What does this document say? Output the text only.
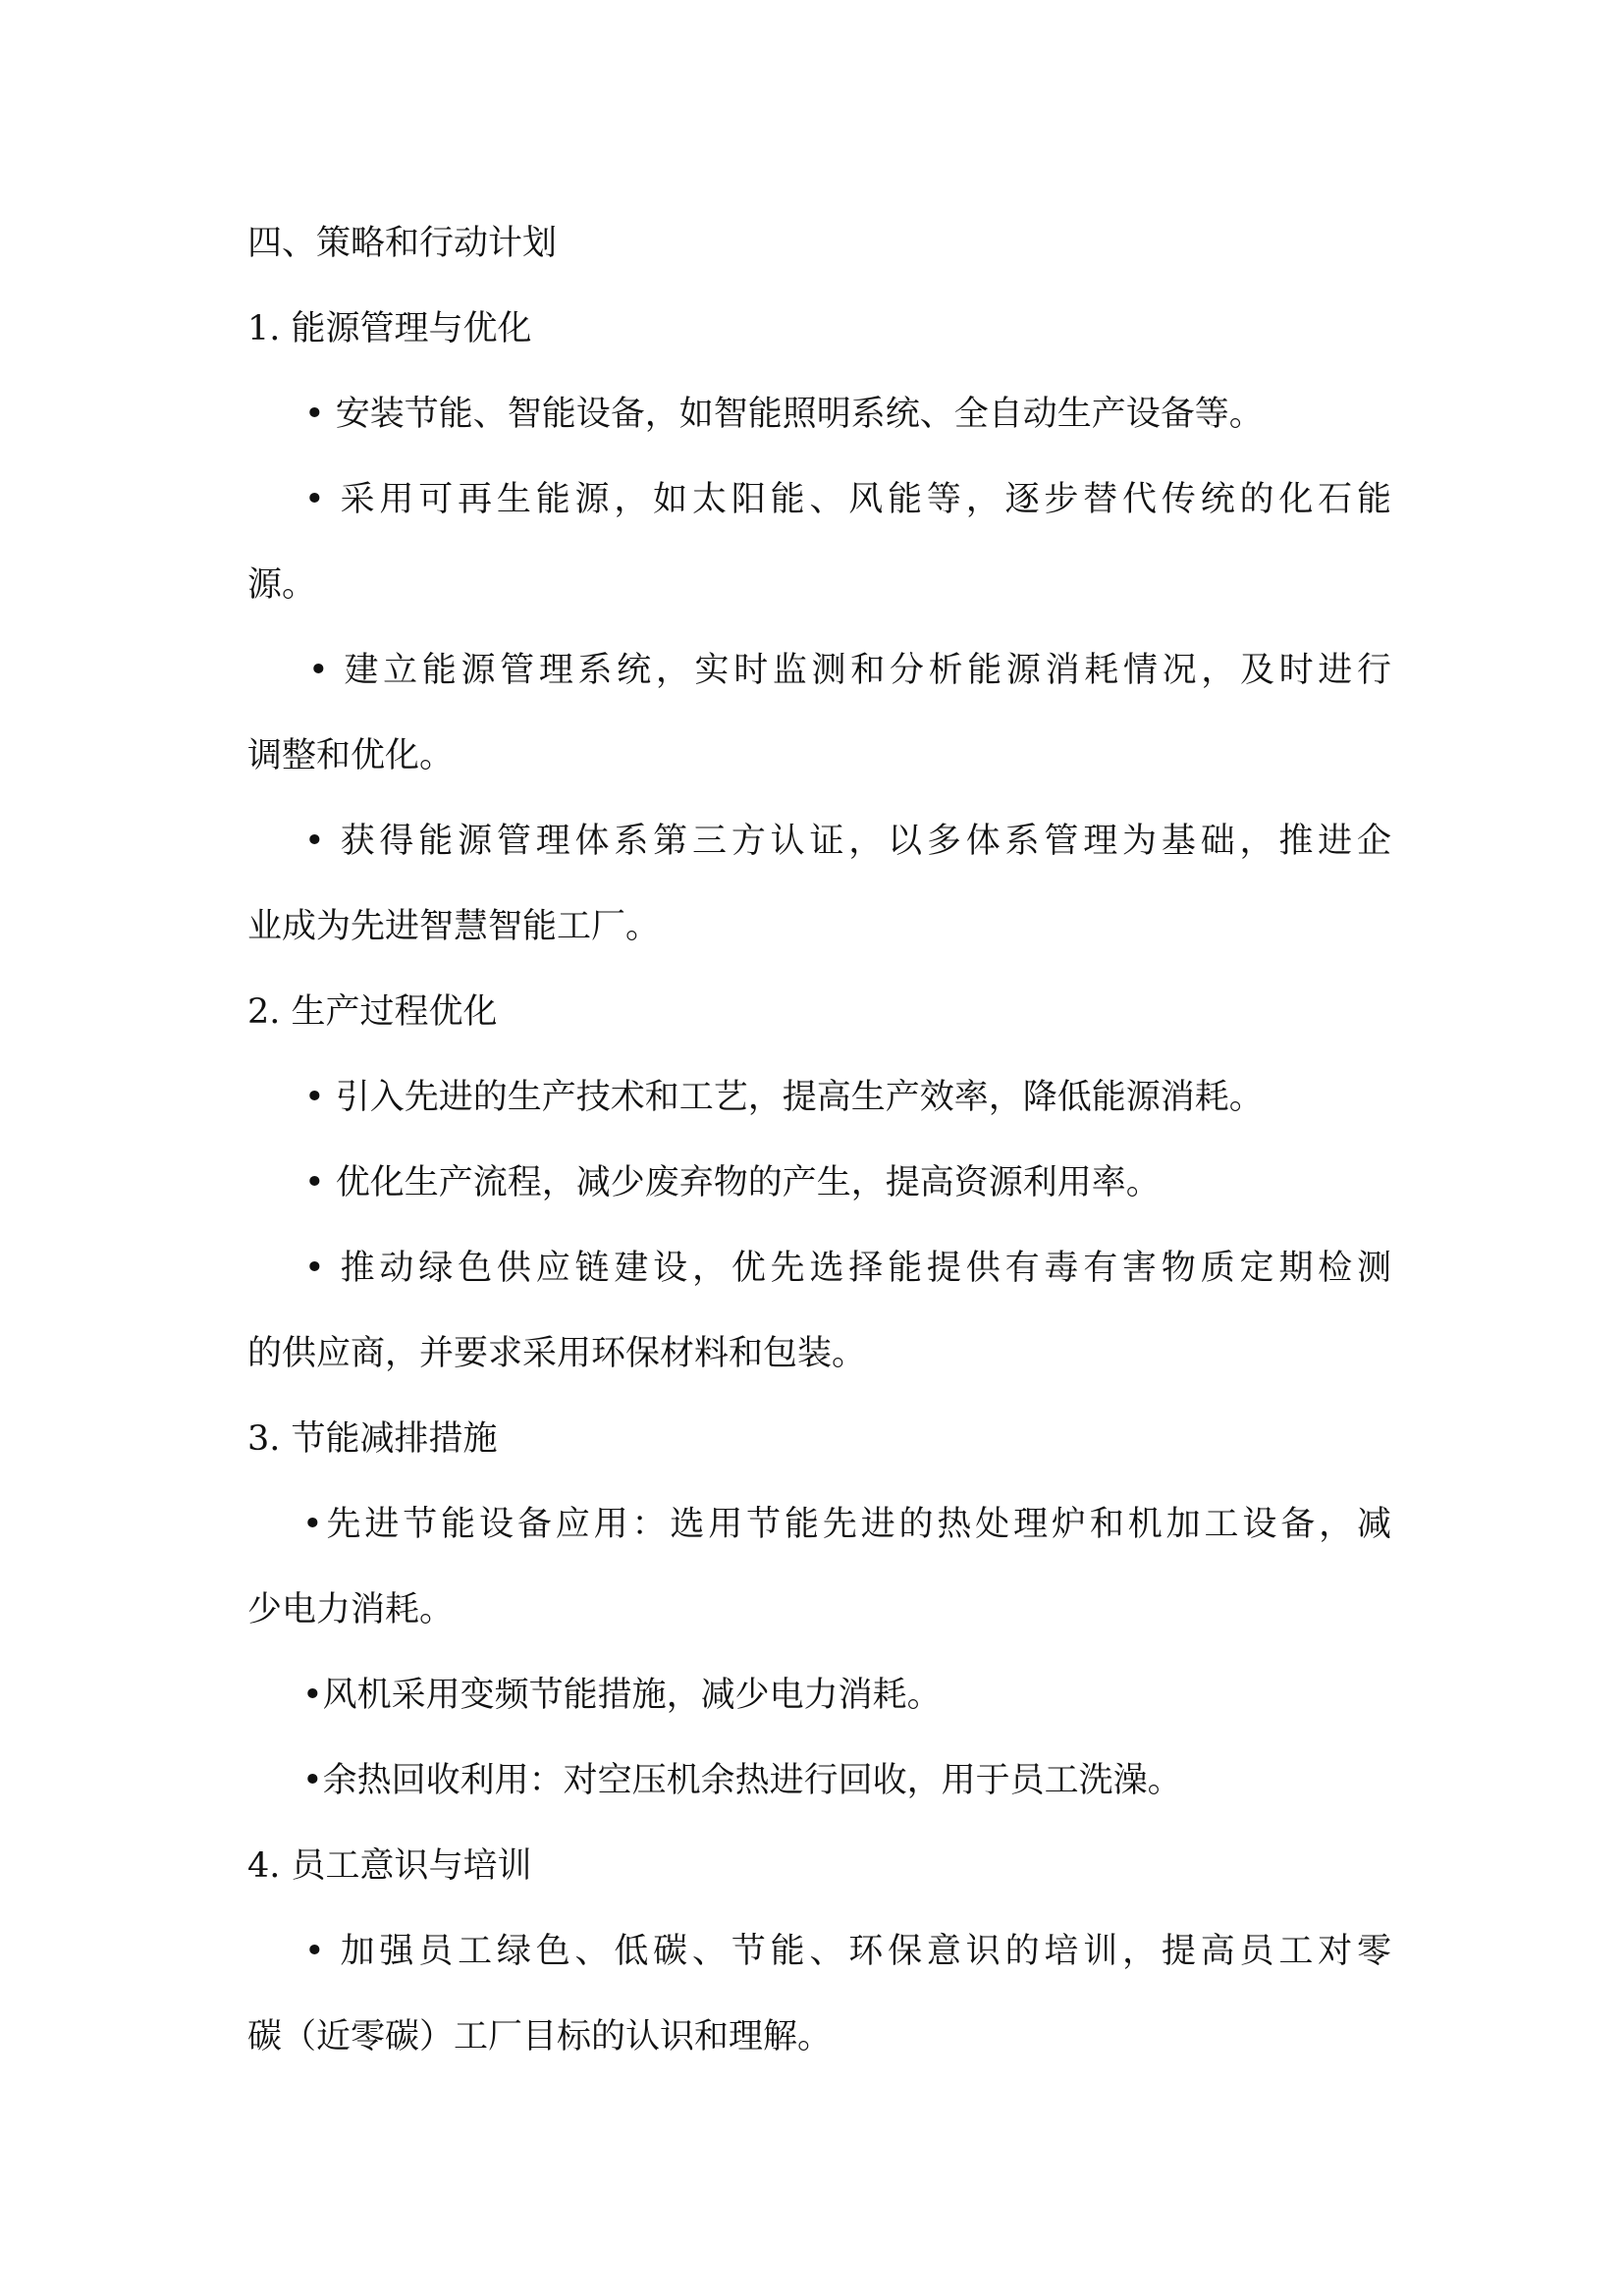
四、策略和行动计划

1. 能源管理与优化

• 安装节能、智能设备，如智能照明系统、全自动生产设备等。

• 采用可再生能源，如太阳能、风能等，逐步替代传统的化石能

源。

• 建立能源管理系统，实时监测和分析能源消耗情况，及时进行

调整和优化。

• 获得能源管理体系第三方认证，以多体系管理为基础，推进企

业成为先进智慧智能工厂。

2. 生产过程优化

• 引入先进的生产技术和工艺，提高生产效率，降低能源消耗。

• 优化生产流程，减少废弃物的产生，提高资源利用率。

• 推动绿色供应链建设，优先选择能提供有毒有害物质定期检测

的供应商，并要求采用环保材料和包装。

3. 节能减排措施

•先进节能设备应用：选用节能先进的热处理炉和机加工设备，减

少电力消耗。

•风机采用变频节能措施，减少电力消耗。

•余热回收利用：对空压机余热进行回收，用于员工洗澡。

4. 员工意识与培训

• 加强员工绿色、低碳、节能、环保意识的培训，提高员工对零

碳（近零碳）工厂目标的认识和理解。
